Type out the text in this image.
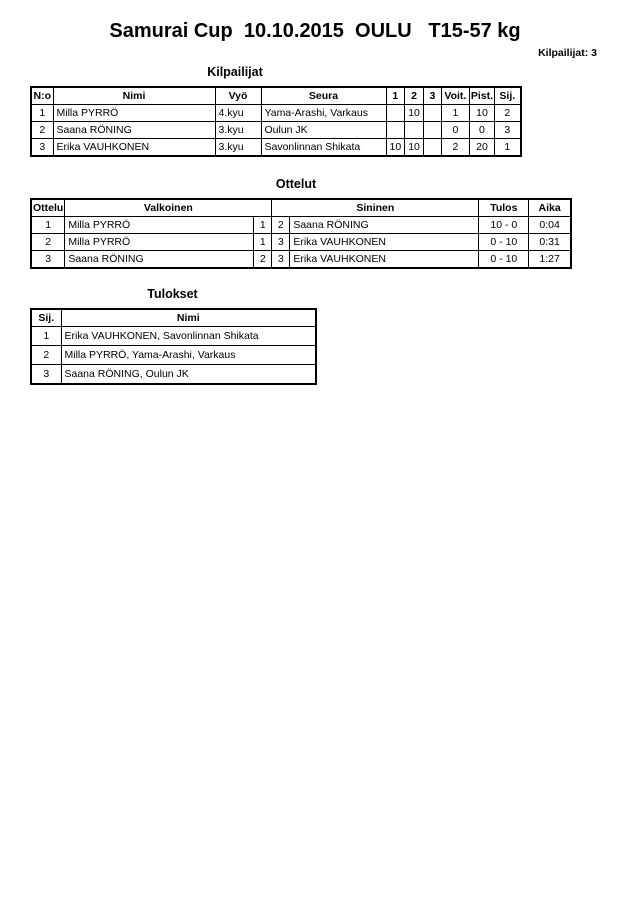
Samurai Cup  10.10.2015  OULU   T15-57 kg
Kilpailijat: 3
Kilpailijat
N:o	Nimi	Vyö	Seura	1	2	3	Voit.	Pist.	Sij.
1	Milla PYRRÖ	4.kyu	Yama-Arashi, Varkaus		10		1	10	2
2	Saana RÖNING	3.kyu	Oulun JK				0	0	3
3	Erika VAUHKONEN	3.kyu	Savonlinnan Shikata	10	10		2	20	1
Ottelut
Ottelu	Valkoinen		Sininen		Tulos	Aika
1	Milla PYRRÖ	1	2	Saana RÖNING	10 - 0	0:04
2	Milla PYRRÖ	1	3	Erika VAUHKONEN	0 - 10	0:31
3	Saana RÖNING	2	3	Erika VAUHKONEN	0 - 10	1:27
Tulokset
Sij.	Nimi
1	Erika VAUHKONEN, Savonlinnan Shikata
2	Milla PYRRÖ, Yama-Arashi, Varkaus
3	Saana RÖNING, Oulun JK
